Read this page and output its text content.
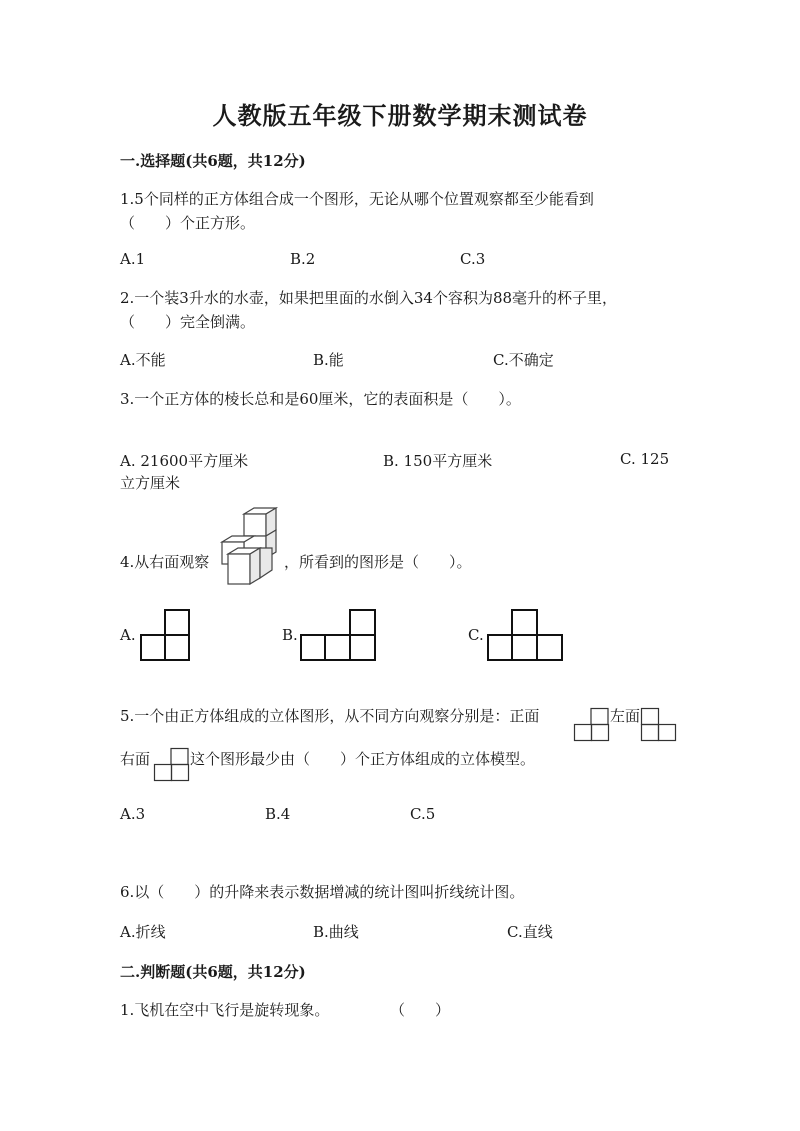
人教版五年级下册数学期末测试卷
一.选择题(共6题，共12分)
1.5个同样的正方体组合成一个图形，无论从哪个位置观察都至少能看到
（　　）个正方形。
A.1	B.2	C.3
2.一个装3升水的水壶，如果把里面的水倒入34个容积为88毫升的杯子里，
（　　）完全倒满。
A.不能	B.能	C.不确定
3.一个正方体的棱长总和是60厘米，它的表面积是（　　）。
A. 21600平方厘米	B. 150平方厘米	C. 125
立方厘米
4.从右面观察	，所看到的图形是（　　）。
A.	B.	C.
5.一个由正方体组成的立体图形，从不同方向观察分别是：正面	左面
右面	这个图形最少由（　　）个正方体组成的立体模型。
A.3	B.4	C.5
6.以（　　）的升降来表示数据增减的统计图叫折线统计图。
A.折线	B.曲线	C.直线
二.判断题(共6题，共12分)
1.飞机在空中飞行是旋转现象。	（　　）
